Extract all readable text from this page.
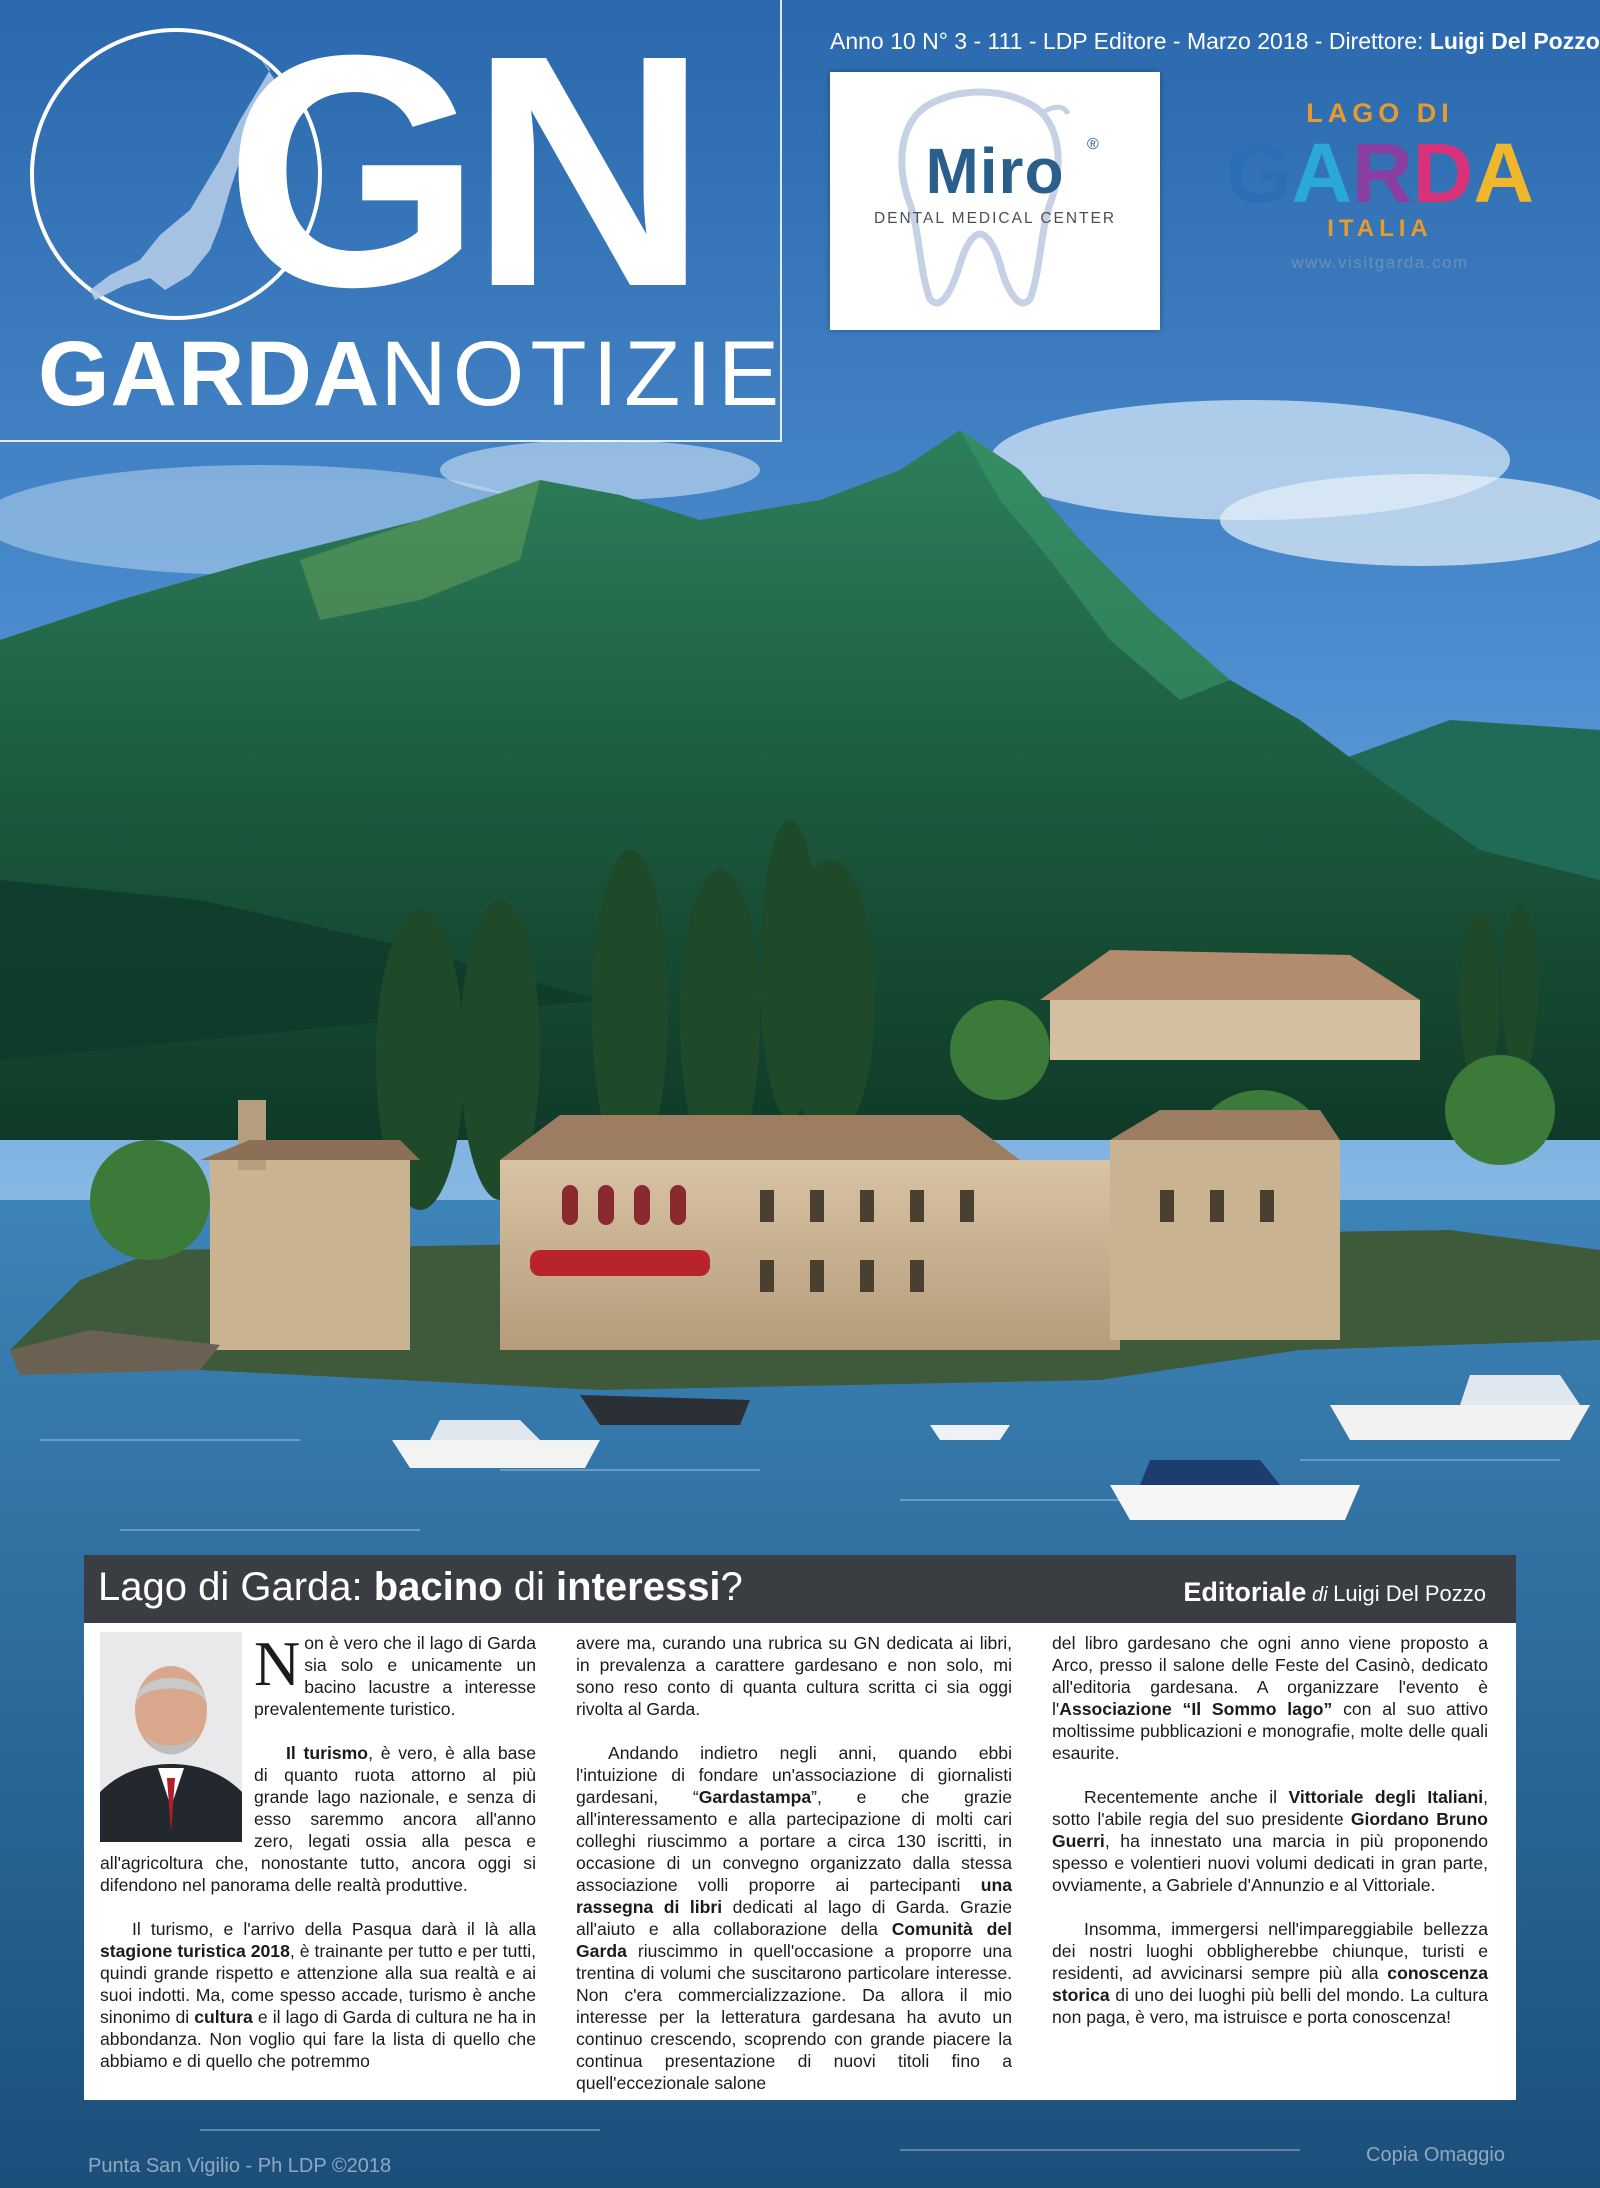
GN
GARDANOTIZIE
Anno 10 N° 3 - 111 - LDP Editore - Marzo 2018 - Direttore: Luigi Del Pozzo
Miro	®
DENTAL MEDICAL CENTER
LAGO DI
GARDA
ITALIA
www.visitgarda.com
Lago di Garda: bacino di interessi?	Editoriale di Luigi Del Pozzo

Non è vero che il lago di Garda sia solo e unicamente un bacino lacustre a interesse prevalentemente turistico.

Il turismo, è vero, è alla base di quanto ruota attorno al più grande lago nazionale, e senza di esso saremmo ancora all'anno zero, legati ossia alla pesca e all'agricoltura che, nonostante tutto, ancora oggi si difendono nel panorama delle realtà produttive.

Il turismo, e l'arrivo della Pasqua darà il là alla stagione turistica 2018, è trainante per tutto e per tutti, quindi grande rispetto e attenzione alla sua realtà e ai suoi indotti. Ma, come spesso accade, turismo è anche sinonimo di cultura e il lago di Garda di cultura ne ha in abbondanza. Non voglio qui fare la lista di quello che abbiamo e di quello che potremmo

avere ma, curando una rubrica su GN dedicata ai libri, in prevalenza a carattere gardesano e non solo, mi sono reso conto di quanta cultura scritta ci sia oggi rivolta al Garda.

Andando indietro negli anni, quando ebbi l'intuizione di fondare un'associazione di giornalisti gardesani, “Gardastampa”, e che grazie all'interessamento e alla partecipazione di molti cari colleghi riuscimmo a portare a circa 130 iscritti, in occasione di un convegno organizzato dalla stessa associazione volli proporre ai partecipanti una rassegna di libri dedicati al lago di Garda. Grazie all'aiuto e alla collaborazione della Comunità del Garda riuscimmo in quell'occasione a proporre una trentina di volumi che suscitarono particolare interesse. Non c'era commercializzazione. Da allora il mio interesse per la letteratura gardesana ha avuto un continuo crescendo, scoprendo con grande piacere la continua presentazione di nuovi titoli fino a quell'eccezionale salone

del libro gardesano che ogni anno viene proposto a Arco, presso il salone delle Feste del Casinò, dedicato all'editoria gardesana. A organizzare l'evento è l'Associazione “Il Sommo lago” con al suo attivo moltissime pubblicazioni e monografie, molte delle quali esaurite.

Recentemente anche il Vittoriale degli Italiani, sotto l'abile regia del suo presidente Giordano Bruno Guerri, ha innestato una marcia in più proponendo spesso e volentieri nuovi volumi dedicati in gran parte, ovviamente, a Gabriele d'Annunzio e al Vittoriale.

Insomma, immergersi nell'impareggiabile bellezza dei nostri luoghi obbligherebbe chiunque, turisti e residenti, ad avvicinarsi sempre più alla conoscenza storica di uno dei luoghi più belli del mondo. La cultura non paga, è vero, ma istruisce e porta conoscenza!

Punta San Vigilio - Ph LDP ©2018	Copia Omaggio
